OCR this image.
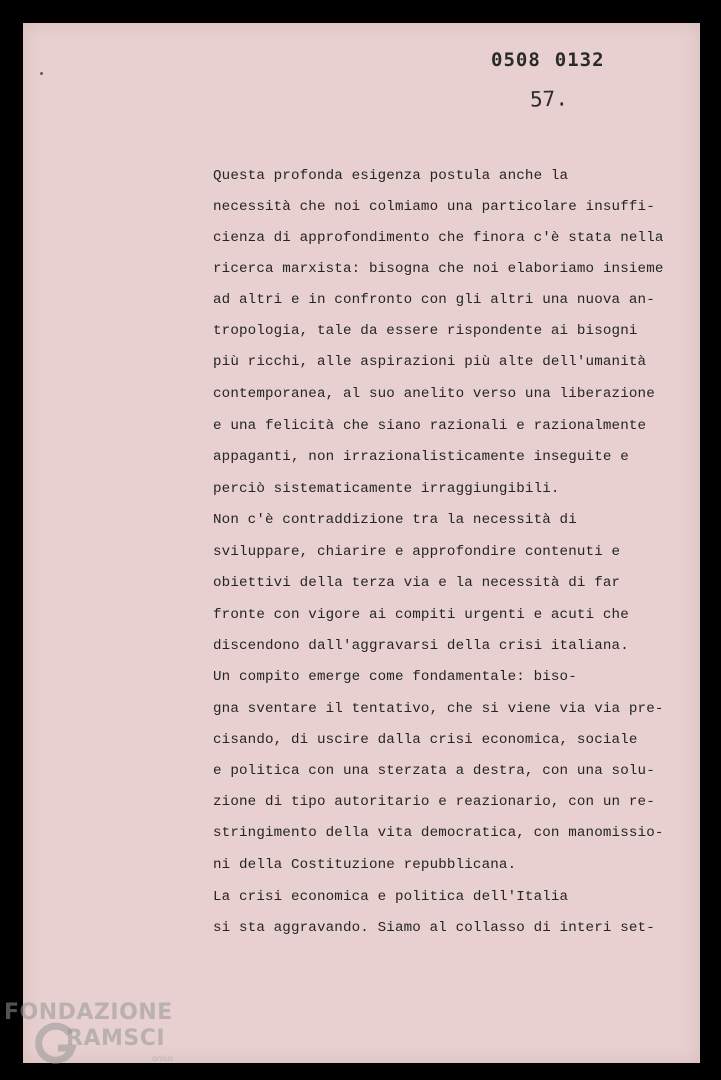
0508 0132
57.
Questa profonda esigenza postula anche la
necessità che noi colmiamo una particolare insuffi-
cienza di approfondimento che finora c'è stata nella
ricerca marxista: bisogna che noi elaboriamo insieme
ad altri e in confronto con gli altri una nuova an-
tropologia, tale da essere rispondente ai bisogni
più ricchi, alle aspirazioni più alte dell'umanità
contemporanea, al suo anelito verso una liberazione
e una felicità che siano razionali e razionalmente
appaganti, non irrazionalisticamente inseguite e
perciò sistematicamente irraggiungibili.
Non c'è contraddizione tra la necessità di
sviluppare, chiarire e approfondire contenuti e
obiettivi della terza via e la necessità di far
fronte con vigore ai compiti urgenti e acuti che
discendono dall'aggravarsi della crisi italiana.
Un compito emerge come fondamentale: biso-
gna sventare il tentativo, che si viene via via pre-
cisando, di uscire dalla crisi economica, sociale
e politica con una sterzata a destra, con una solu-
zione di tipo autoritario e reazionario, con un re-
stringimento della vita democratica, con manomissio-
ni della Costituzione repubblicana.
La crisi economica e politica dell'Italia
si sta aggravando. Siamo al collasso di interi set-
FONDAZIONE
RAMSCI
onlus
